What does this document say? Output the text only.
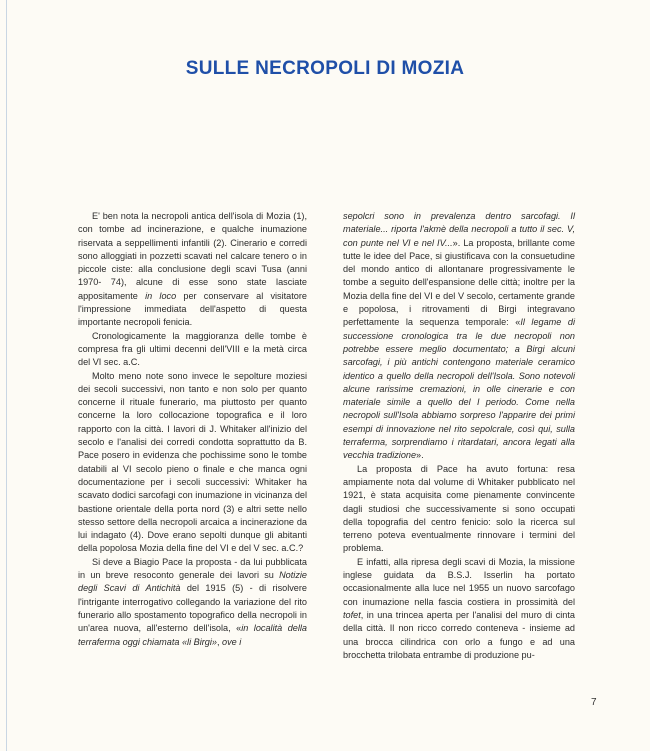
SULLE NECROPOLI DI MOZIA

E' ben nota la necropoli antica dell'isola di Mozia (1), con tombe ad incinerazione, e qualche inumazione riservata a seppellimenti infantili (2). Cinerario e corredi sono alloggiati in pozzetti scavati nel calcare tenero o in piccole ciste: alla conclusione degli scavi Tusa (anni 1970- 74), alcune di esse sono state lasciate appositamente in loco per conservare al visitatore l'impressione immediata dell'aspetto di questa importante necropoli fenicia.

Cronologicamente la maggioranza delle tombe è compresa fra gli ultimi decenni dell'VIII e la metà circa del VI sec. a.C.

Molto meno note sono invece le sepolture moziesi dei secoli successivi, non tanto e non solo per quanto concerne il rituale funerario, ma piuttosto per quanto concerne la loro collocazione topografica e il loro rapporto con la città. I lavori di J. Whitaker all'inizio del secolo e l'analisi dei corredi condotta soprattutto da B. Pace posero in evidenza che pochissime sono le tombe databili al VI secolo pieno o finale e che manca ogni documentazione per i secoli successivi: Whitaker ha scavato dodici sarcofagi con inumazione in vicinanza del bastione orientale della porta nord (3) e altri sette nello stesso settore della necropoli arcaica a incinerazione da lui indagato (4). Dove erano sepolti dunque gli abitanti della popolosa Mozia della fine del VI e del V sec. a.C.?

Si deve a Biagio Pace la proposta - da lui pubblicata in un breve resoconto generale dei lavori su Notizie degli Scavi di Antichità del 1915 (5) - di risolvere l'intrigante interrogativo collegando la variazione del rito funerario allo spostamento topografico della necropoli in un'area nuova, all'esterno dell'isola, «in località della terraferma oggi chiamata «li Birgi», ove i

sepolcri sono in prevalenza dentro sarcofagi. Il materiale... riporta l'akmè della necropoli a tutto il sec. V, con punte nel VI e nel IV...». La proposta, brillante come tutte le idee del Pace, si giustificava con la consuetudine del mondo antico di allontanare progressivamente le tombe a seguito dell'espansione delle città; inoltre per la Mozia della fine del VI e del V secolo, certamente grande e popolosa, i ritrovamenti di Birgi integravano perfettamente la sequenza temporale: «Il legame di successione cronologica tra le due necropoli non potrebbe essere meglio documentato; a Birgi alcuni sarcofagi, i più antichi contengono materiale ceramico identico a quello della necropoli dell'Isola. Sono notevoli alcune rarissime cremazioni, in olle cinerarie e con materiale simile a quello del I periodo. Come nella necropoli sull'Isola abbiamo sorpreso l'apparire dei primi esempi di innovazione nel rito sepolcrale, così qui, sulla terraferma, sorprendiamo i ritardatari, ancora legati alla vecchia tradizione».

La proposta di Pace ha avuto fortuna: resa ampiamente nota dal volume di Whitaker pubblicato nel 1921, è stata acquisita come pienamente convincente dagli studiosi che successivamente si sono occupati della topografia del centro fenicio: solo la ricerca sul terreno poteva eventualmente rinnovare i termini del problema.

E infatti, alla ripresa degli scavi di Mozia, la missione inglese guidata da B.S.J. Isserlin ha portato occasionalmente alla luce nel 1955 un nuovo sarcofago con inumazione nella fascia costiera in prossimità del tofet, in una trincea aperta per l'analisi del muro di cinta della città. Il non ricco corredo conteneva - insieme ad una brocca cilindrica con orlo a fungo e ad una brocchetta trilobata entrambe di produzione pu-

7
